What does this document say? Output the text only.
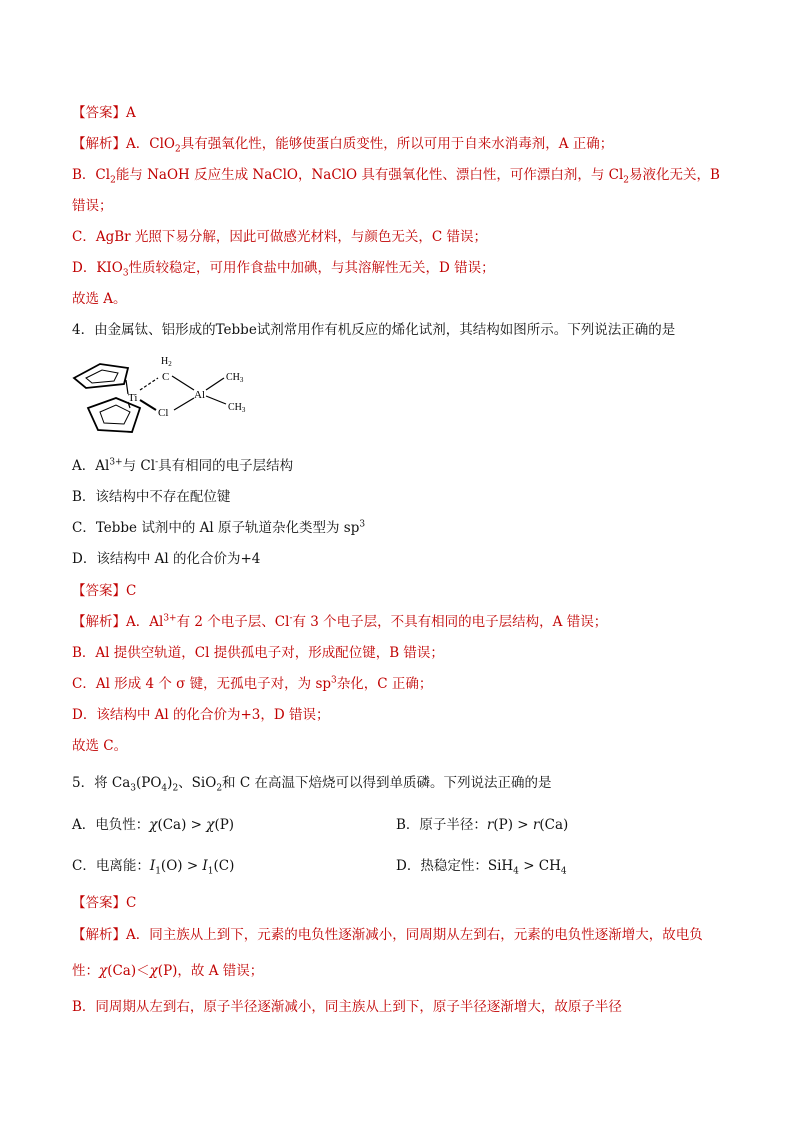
【答案】A
【解析】A．ClO$_2$具有强氧化性，能够使蛋白质变性，所以可用于自来水消毒剂，A 正确；
B．$Cl_2$能与 NaOH 反应生成 NaClO，NaClO 具有强氧化性、漂白性，可作漂白剂，与 $Cl_2$易液化无关，B
错误；
C．AgBr 光照下易分解，因此可做感光材料，与颜色无关，C 错误；
D．$KIO_3$性质较稳定，可用作食盐中加碘，与其溶解性无关，D 错误；
故选 A。
4．由金属钛、铝形成的Tebbe试剂常用作有机反应的烯化试剂，其结构如图所示。下列说法正确的是
Ti
C
$H_2$
Al
Cl
$CH_3$
$CH_3$
A．$Al^{3+}$与 Cl-具有相同的电子层结构
B．该结构中不存在配位键
C．Tebbe 试剂中的 Al 原子轨道杂化类型为 $sp^3$
D．该结构中 Al 的化合价为+4
【答案】C
【解析】A．$Al^{3+}$有 2 个电子层、Cl-有 3 个电子层，不具有相同的电子层结构，A 错误；
B．Al 提供空轨道，Cl 提供孤电子对，形成配位键，B 错误；
C．Al 形成 4 个 σ 键，无孤电子对，为 $sp^3$杂化，C 正确；
D．该结构中 Al 的化合价为+3，D 错误；
故选 C。
5．将 $Ca_3(PO_4)_2$、SiO$_2$和 C 在高温下焙烧可以得到单质磷。下列说法正确的是
A．电负性：χ(Ca) > χ(P)	B．原子半径：r(P) > r(Ca)
C．电离能：$I_1(O) > I_1(C)$	D．热稳定性：$SiH_4 > CH_4$
【答案】C
【解析】A．同主族从上到下，元素的电负性逐渐减小，同周期从左到右，元素的电负性逐渐增大，故电负
性：χ(Ca)＜χ(P)，故 A 错误；
B．同周期从左到右，原子半径逐渐减小，同主族从上到下，原子半径逐渐增大，故原子半径
